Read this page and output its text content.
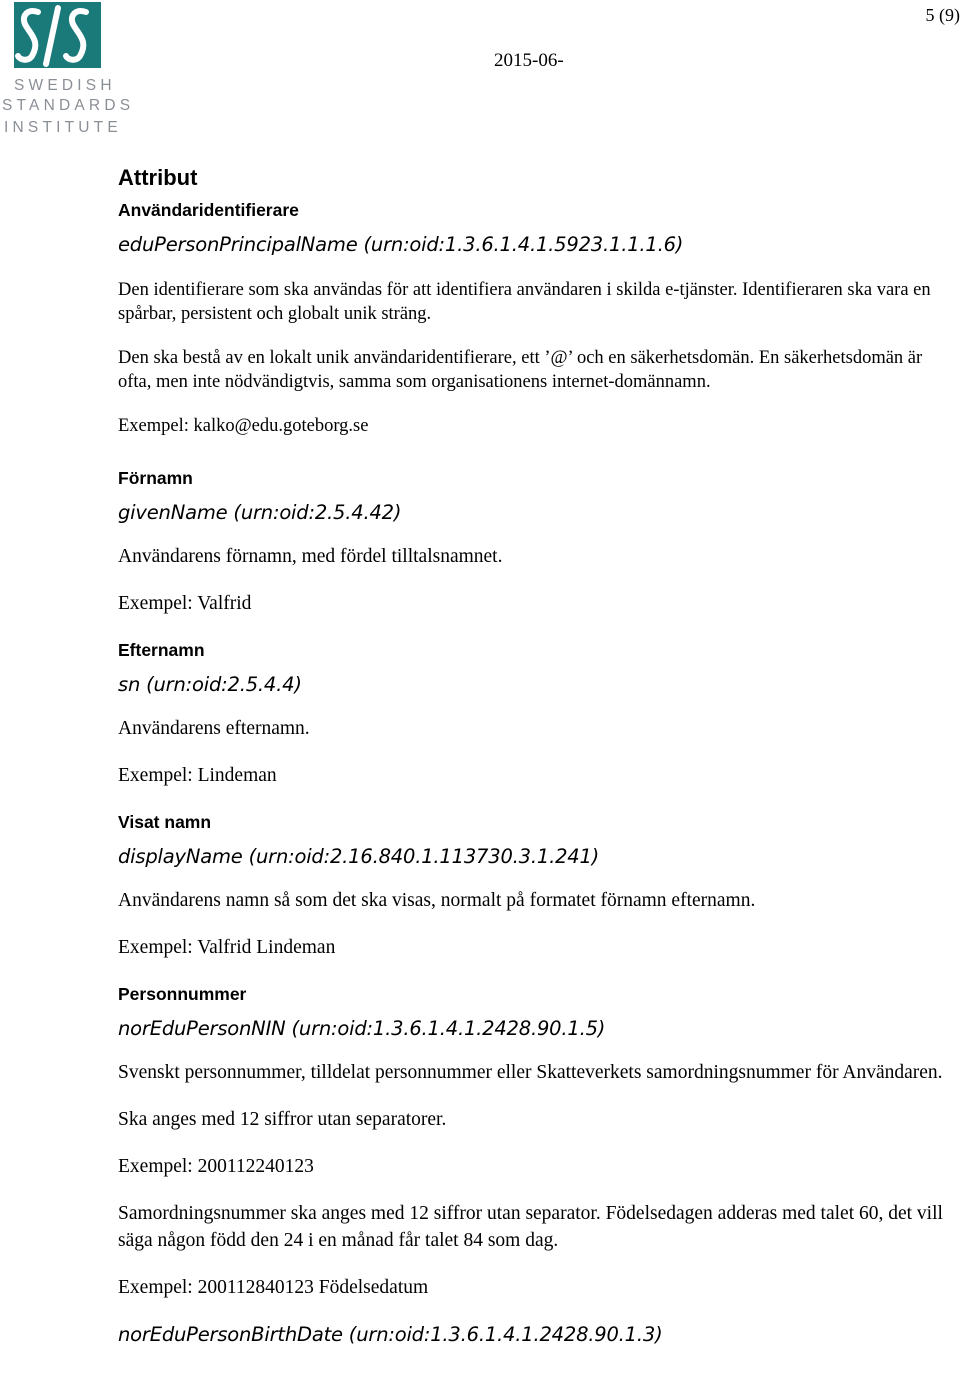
SWEDISH
STANDARDS
INSTITUTE
5 (9)
2015-06-
Attribut
Användaridentifierare
eduPersonPrincipalName (urn:oid:1.3.6.1.4.1.5923.1.1.1.6)

Den identifierare som ska användas för att identifiera användaren i skilda e-tjänster. Identifieraren ska vara en spårbar, persistent och globalt unik sträng.

Den ska bestå av en lokalt unik användaridentifierare, ett ’@’ och en säkerhetsdomän. En säkerhetsdomän är ofta, men inte nödvändigtvis, samma som organisationens internet-domännamn.

Exempel: kalko@edu.goteborg.se

Förnamn
givenName (urn:oid:2.5.4.42)

Användarens förnamn, med fördel tilltalsnamnet.

Exempel: Valfrid

Efternamn
sn (urn:oid:2.5.4.4)

Användarens efternamn.

Exempel: Lindeman

Visat namn
displayName (urn:oid:2.16.840.1.113730.3.1.241)

Användarens namn så som det ska visas, normalt på formatet förnamn efternamn.

Exempel: Valfrid Lindeman

Personnummer
norEduPersonNIN (urn:oid:1.3.6.1.4.1.2428.90.1.5)

Svenskt personnummer, tilldelat personnummer eller Skatteverkets samordningsnummer för Användaren.

Ska anges med 12 siffror utan separatorer.

Exempel: 200112240123

Samordningsnummer ska anges med 12 siffror utan separator. Födelsedagen adderas med talet 60, det vill säga någon född den 24 i en månad får talet 84 som dag.

Exempel: 200112840123 Födelsedatum

norEduPersonBirthDate (urn:oid:1.3.6.1.4.1.2428.90.1.3)
